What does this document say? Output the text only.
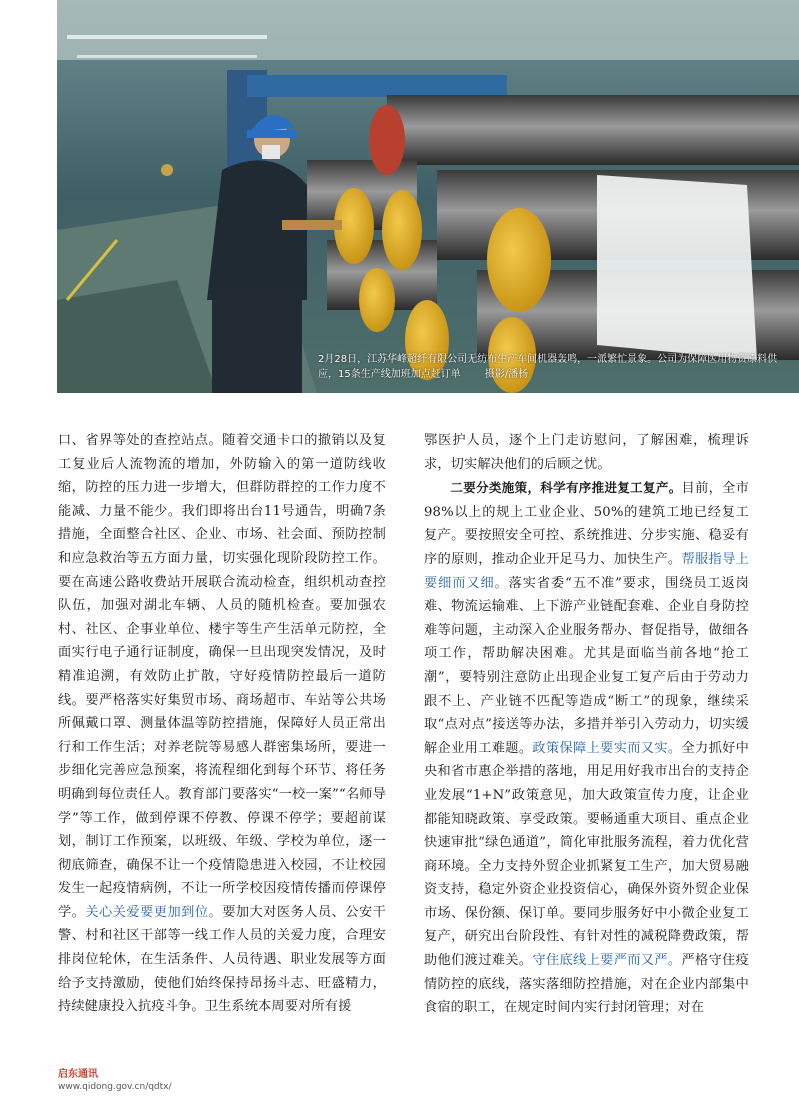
2月28日，江苏华峰超纤有限公司无纺布生产车间机器轰鸣，一派繁忙景象。公司为保障医用物资原料供应，15条生产线加班加点赶订单 摄影/潘杨

口、省界等处的查控站点。随着交通卡口的撤销以及复工复业后人流物流的增加，外防输入的第一道防线收缩，防控的压力进一步增大，但群防群控的工作力度不能减、力量不能少。我们即将出台11号通告，明确7条措施，全面整合社区、企业、市场、社会面、预防控制和应急救治等五方面力量，切实强化现阶段防控工作。要在高速公路收费站开展联合流动检查，组织机动查控队伍，加强对湖北车辆、人员的随机检查。要加强农村、社区、企事业单位、楼宇等生产生活单元防控，全面实行电子通行证制度，确保一旦出现突发情况，及时精准追溯，有效防止扩散，守好疫情防控最后一道防线。要严格落实好集贸市场、商场超市、车站等公共场所佩戴口罩、测量体温等防控措施，保障好人员正常出行和工作生活；对养老院等易感人群密集场所，要进一步细化完善应急预案，将流程细化到每个环节、将任务明确到每位责任人。教育部门要落实“一校一案”“名师导学”等工作，做到停课不停教、停课不停学；要超前谋划，制订工作预案，以班级、年级、学校为单位，逐一彻底筛查，确保不让一个疫情隐患进入校园，不让校园发生一起疫情病例，不让一所学校因疫情传播而停课停学。关心关爱要更加到位。要加大对医务人员、公安干警、村和社区干部等一线工作人员的关爱力度，合理安排岗位轮休，在生活条件、人员待遇、职业发展等方面给予支持激励，使他们始终保持昂扬斗志、旺盛精力，持续健康投入抗疫斗争。卫生系统本周要对所有援

鄂医护人员，逐个上门走访慰问，了解困难，梳理诉求，切实解决他们的后顾之忧。

二要分类施策，科学有序推进复工复产。目前，全市98%以上的规上工业企业、50%的建筑工地已经复工复产。要按照安全可控、系统推进、分步实施、稳妥有序的原则，推动企业开足马力、加快生产。帮服指导上要细而又细。落实省委“五不准”要求，围绕员工返岗难、物流运输难、上下游产业链配套难、企业自身防控难等问题，主动深入企业服务帮办、督促指导，做细各项工作，帮助解决困难。尤其是面临当前各地“抢工潮”，要特别注意防止出现企业复工复产后由于劳动力跟不上、产业链不匹配等造成“断工”的现象，继续采取“点对点”接送等办法，多措并举引入劳动力，切实缓解企业用工难题。政策保障上要实而又实。全力抓好中央和省市惠企举措的落地，用足用好我市出台的支持企业发展“1+N”政策意见，加大政策宣传力度，让企业都能知晓政策、享受政策。要畅通重大项目、重点企业快速审批“绿色通道”，简化审批服务流程，着力优化营商环境。全力支持外贸企业抓紧复工生产，加大贸易融资支持，稳定外资企业投资信心，确保外资外贸企业保市场、保份额、保订单。要同步服务好中小微企业复工复产，研究出台阶段性、有针对性的减税降费政策，帮助他们渡过难关。守住底线上要严而又严。严格守住疫情防控的底线，落实落细防控措施，对在企业内部集中食宿的职工，在规定时间内实行封闭管理；对在

启东通讯
www.qidong.gov.cn/qdtx/
